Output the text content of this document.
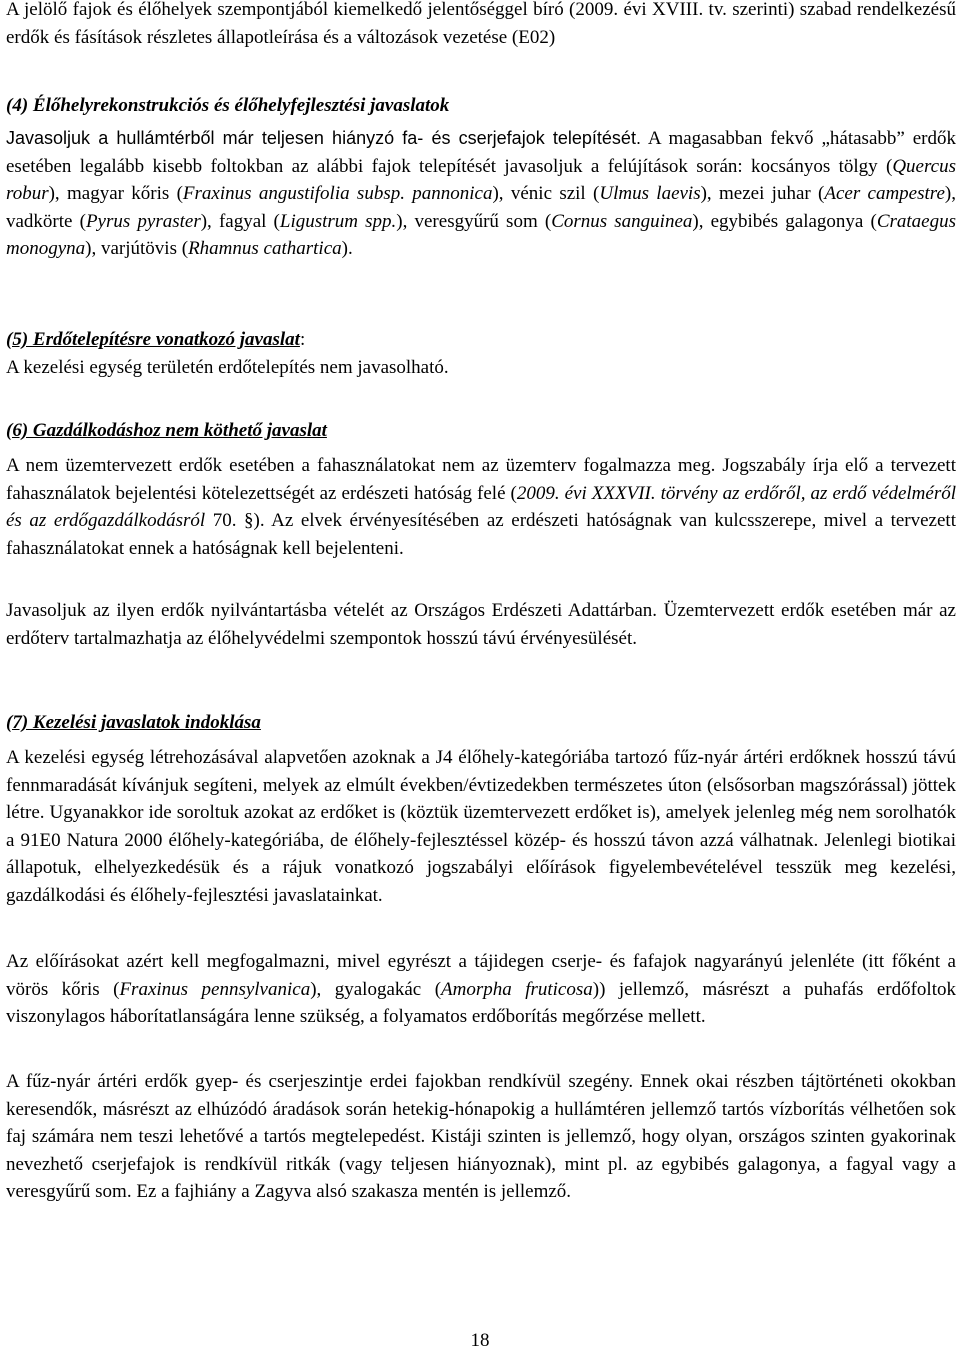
A jelölő fajok és élőhelyek szempontjából kiemelkedő jelentőséggel bíró (2009. évi XVIII. tv. szerinti) szabad rendelkezésű erdők és fásítások részletes állapotleírása és a változások vezetése (E02)

(4) Élőhelyrekonstrukciós és élőhelyfejlesztési javaslatok

Javasoljuk a hullámtérből már teljesen hiányzó fa- és cserjefajok telepítését. A magasabban fekvő „hátasabb” erdők esetében legalább kisebb foltokban az alábbi fajok telepítését javasoljuk a felújítások során: kocsányos tölgy (Quercus robur), magyar kőris (Fraxinus angustifolia subsp. pannonica), vénic szil (Ulmus laevis), mezei juhar (Acer campestre), vadkörte (Pyrus pyraster), fagyal (Ligustrum spp.), veresgyűrű som (Cornus sanguinea), egybibés galagonya (Crataegus monogyna), varjútövis (Rhamnus cathartica).

(5) Erdőtelepítésre vonatkozó javaslat:

A kezelési egység területén erdőtelepítés nem javasolható.

(6) Gazdálkodáshoz nem köthető javaslat

A nem üzemtervezett erdők esetében a fahasználatokat nem az üzemterv fogalmazza meg. Jogszabály írja elő a tervezett fahasználatok bejelentési kötelezettségét az erdészeti hatóság felé (2009. évi XXXVII. törvény az erdőről, az erdő védelméről és az erdőgazdálkodásról 70. §). Az elvek érvényesítésében az erdészeti hatóságnak van kulcsszerepe, mivel a tervezett fahasználatokat ennek a hatóságnak kell bejelenteni.

Javasoljuk az ilyen erdők nyilvántartásba vételét az Országos Erdészeti Adattárban. Üzemtervezett erdők esetében már az erdőterv tartalmazhatja az élőhelyvédelmi szempontok hosszú távú érvényesülését.

(7) Kezelési javaslatok indoklása

A kezelési egység létrehozásával alapvetően azoknak a J4 élőhely-kategóriába tartozó fűz-nyár ártéri erdőknek hosszú távú fennmaradását kívánjuk segíteni, melyek az elmúlt években/évtizedekben természetes úton (elsősorban magszórással) jöttek létre. Ugyanakkor ide soroltuk azokat az erdőket is (köztük üzemtervezett erdőket is), amelyek jelenleg még nem sorolhatók a 91E0 Natura 2000 élőhely-kategóriába, de élőhely-fejlesztéssel közép- és hosszú távon azzá válhatnak. Jelenlegi biotikai állapotuk, elhelyezkedésük és a rájuk vonatkozó jogszabályi előírások figyelembevételével tesszük meg kezelési, gazdálkodási és élőhely-fejlesztési javaslatainkat.

Az előírásokat azért kell megfogalmazni, mivel egyrészt a tájidegen cserje- és fafajok nagyarányú jelenléte (itt főként a vörös kőris (Fraxinus pennsylvanica), gyalogakác (Amorpha fruticosa)) jellemző, másrészt a puhafás erdőfoltok viszonylagos háborítatlanságára lenne szükség, a folyamatos erdőborítás megőrzése mellett.

A fűz-nyár ártéri erdők gyep- és cserjeszintje erdei fajokban rendkívül szegény. Ennek okai részben tájtörténeti okokban keresendők, másrészt az elhúzódó áradások során hetekig-hónapokig a hullámtéren jellemző tartós vízborítás vélhetően sok faj számára nem teszi lehetővé a tartós megtelepedést. Kistáji szinten is jellemző, hogy olyan, országos szinten gyakorinak nevezhető cserjefajok is rendkívül ritkák (vagy teljesen hiányoznak), mint pl. az egybibés galagonya, a fagyal vagy a veresgyűrű som. Ez a fajhiány a Zagyva alsó szakasza mentén is jellemző.

18
